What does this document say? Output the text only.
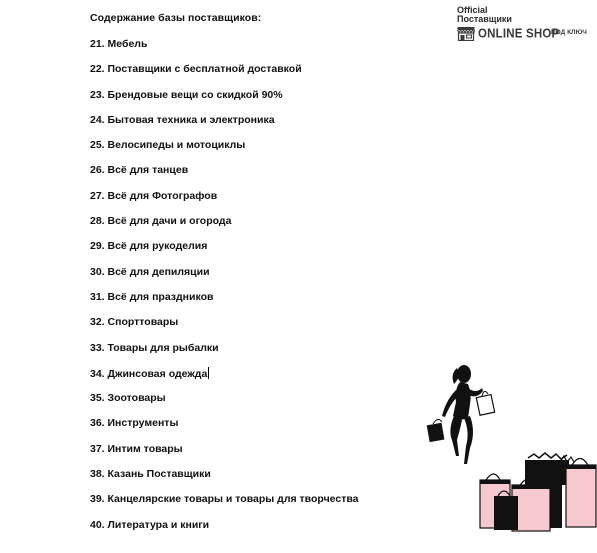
Содержание базы поставщиков:
21. Мебель
22. Поставщики с бесплатной доставкой
23. Брендовые вещи со скидкой 90%
24. Бытовая техника и электроника
25. Велосипеды и мотоциклы
26. Всё для танцев
27. Всё для Фотографов
28. Всё для дачи и огорода
29. Всё для рукоделия
30. Всё для депиляции
31. Всё для праздников
32. Спорттовары
33. Товары для рыбалки
34. Джинсовая одежда
35. Зоотовары
36. Инструменты
37. Интим товары
38. Казань Поставщики
39. Канцелярские товары и товары для творчества
40. Литература и книги
Official
Поставщики
ONLINE SHOP
ПОД КЛЮЧ
